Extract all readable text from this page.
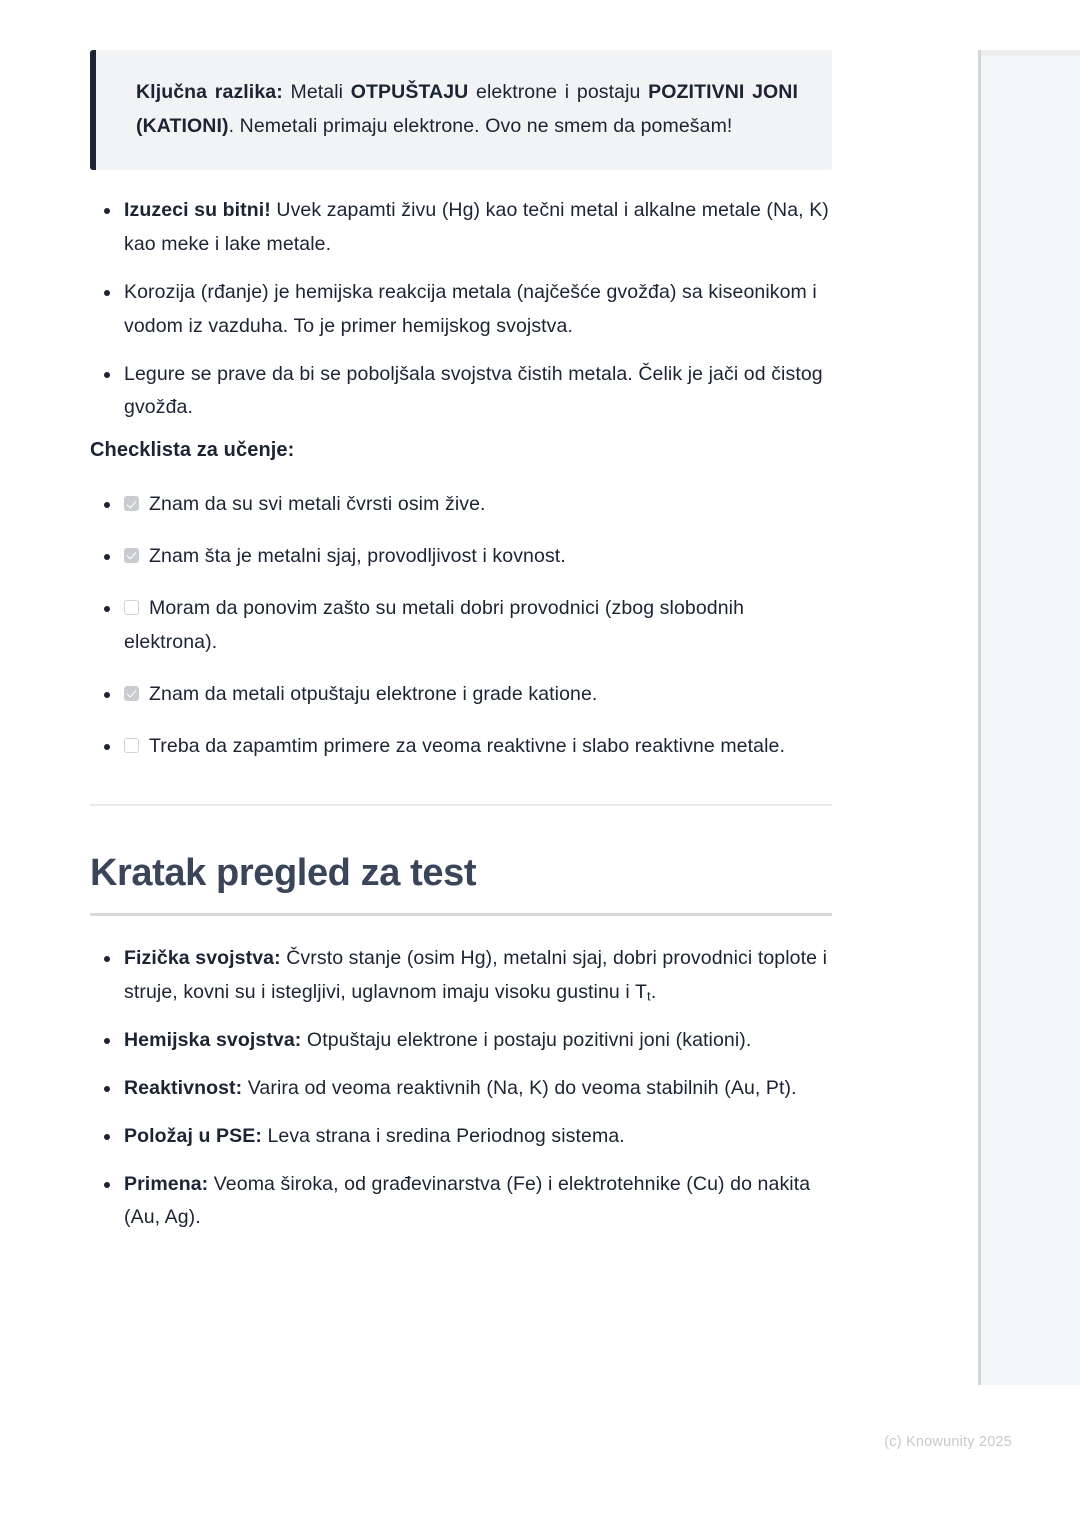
Ključna razlika: Metali OTPUŠTAJU elektrone i postaju POZITIVNI JONI (KATIONI). Nemetali primaju elektrone. Ovo ne smem da pomešam!

Izuzeci su bitni! Uvek zapamti živu (Hg) kao tečni metal i alkalne metale (Na, K) kao meke i lake metale.
Korozija (rđanje) je hemijska reakcija metala (najčešće gvožđa) sa kiseonikom i vodom iz vazduha. To je primer hemijskog svojstva.
Legure se prave da bi se poboljšala svojstva čistih metala. Čelik je jači od čistog gvožđa.
Checklista za učenje:
Znam da su svi metali čvrsti osim žive.
Znam šta je metalni sjaj, provodljivost i kovnost.
Moram da ponovim zašto su metali dobri provodnici (zbog slobodnih elektrona).
Znam da metali otpuštaju elektrone i grade katione.
Treba da zapamtim primere za veoma reaktivne i slabo reaktivne metale.
Kratak pregled za test
Fizička svojstva: Čvrsto stanje (osim Hg), metalni sjaj, dobri provodnici toplote i struje, kovni su i istegljivi, uglavnom imaju visoku gustinu i $T_t$.
Hemijska svojstva: Otpuštaju elektrone i postaju pozitivni joni (kationi).
Reaktivnost: Varira od veoma reaktivnih (Na, K) do veoma stabilnih (Au, Pt).
Položaj u PSE: Leva strana i sredina Periodnog sistema.
Primena: Veoma široka, od građevinarstva (Fe) i elektrotehnike (Cu) do nakita (Au, Ag).
(c) Knowunity 2025
